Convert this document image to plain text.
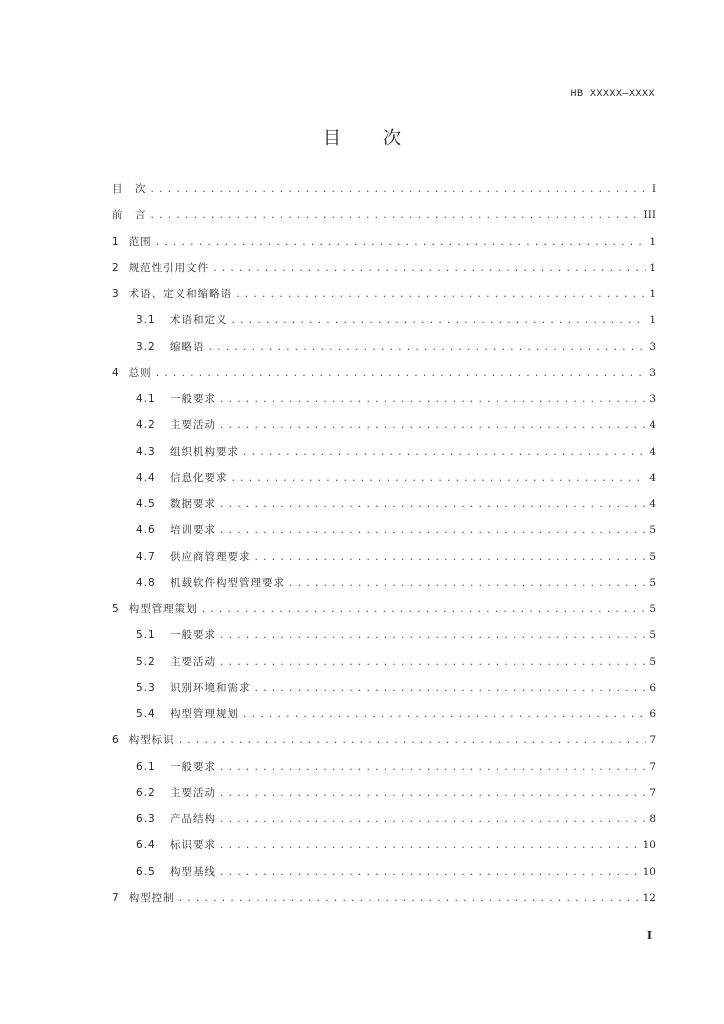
HB XXXXX—XXXX
目 次
目　次 .....	I
前　言 .....	III
1 范围 .....	1
2 规范性引用文件 .....	1
3 术语、定义和缩略语 .....	1
3.1	术语和定义 .....	1
3.2	缩略语 .....	3
4 总则 .....	3
4.1	一般要求 .....	3
4.2	主要活动 .....	4
4.3	组织机构要求 .....	4
4.4	信息化要求 .....	4
4.5	数据要求 .....	4
4.6	培训要求 .....	5
4.7	供应商管理要求 .....	5
4.8	机载软件构型管理要求 .....	5
5 构型管理策划 .....	5
5.1	一般要求 .....	5
5.2	主要活动 .....	5
5.3	识别环境和需求 .....	6
5.4	构型管理规划 .....	6
6 构型标识 .....	7
6.1	一般要求 .....	7
6.2	主要活动 .....	7
6.3	产品结构 .....	8
6.4	标识要求 .....	10
6.5	构型基线 .....	10
7 构型控制 .....	12
I
